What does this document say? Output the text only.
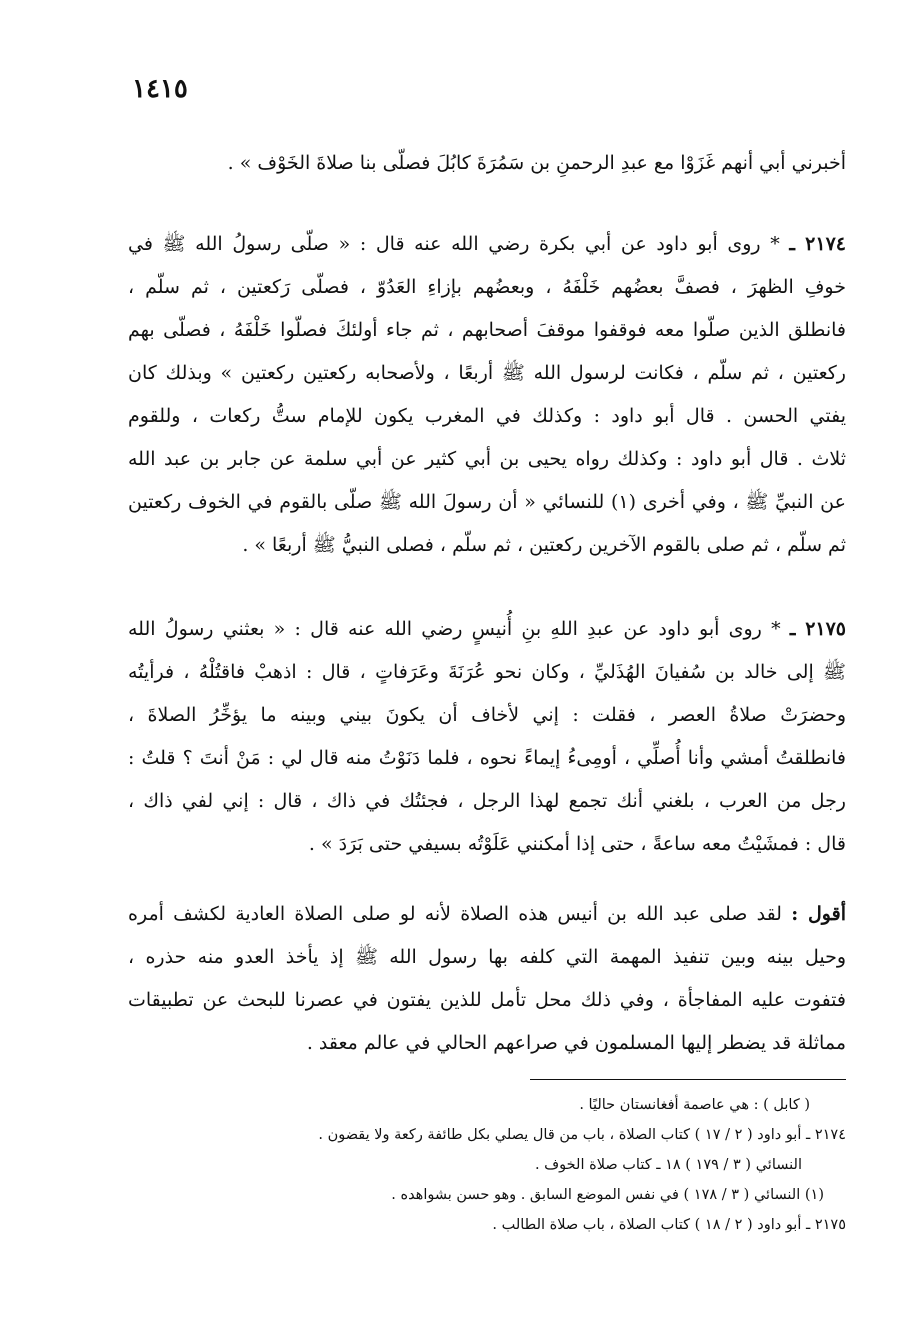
١٤١٥
أخبرني أبي أنهم غَزَوْا مع عبدِ الرحمنِ بن سَمُرَةَ كابُلَ فصلّى بنا صلاةَ الخَوْف » .
٢١٧٤ ـ * روى أبو داود عن أبي بكرة رضي الله عنه قال : « صلّى رسولُ الله ﷺ في
خوفِ الظهرَ ، فصفَّ بعضُهم خَلْفَهُ ، وبعضُهم بإزاءِ العَدُوّ ، فصلّى رَكعتين ، ثم سلّم ،
فانطلق الذين صلّوا معه فوقفوا موقفَ أصحابهم ، ثم جاء أولئكَ فصلّوا خَلْفَهُ ، فصلّى بهم
ركعتين ، ثم سلّم ، فكانت لرسول الله ﷺ أربعًا ، ولأصحابه ركعتين ركعتين » وبذلك كان
يفتي الحسن . قال أبو داود : وكذلك في المغرب يكون للإمام ستُّ ركعات ، وللقوم
ثلاث . قال أبو داود : وكذلك رواه يحيى بن أبي كثير عن أبي سلمة عن جابر بن عبد الله
عن النبيِّ ﷺ ، وفي أخرى (١) للنسائي « أن رسولَ الله ﷺ صلّى بالقوم في الخوف ركعتين
ثم سلّم ، ثم صلى بالقوم الآخرين ركعتين ، ثم سلّم ، فصلى النبيُّ ﷺ أربعًا » .
٢١٧٥ ـ * روى أبو داود عن عبدِ اللهِ بنِ أُنيسٍ رضي الله عنه قال : « بعثني رسولُ الله
ﷺ إلى خالد بن سُفيانَ الهُذَليِّ ، وكان نحو عُرَنَةَ وعَرَفاتٍ ، قال : اذهبْ فاقتُلْهُ ، فرأيتُه
وحضرَتْ صلاةُ العصر ، فقلت : إني لأخاف أن يكونَ بيني وبينه ما يؤخِّرُ الصلاةَ ،
فانطلقتُ أمشي وأنا أُصلِّي ، أومِىءُ إيماءً نحوه ، فلما دَنَوْتُ منه قال لي : مَنْ أنتَ ؟ قلتُ :
رجل من العرب ، بلغني أنك تجمع لهذا الرجل ، فجئتُك في ذاك ، قال : إني لفي ذاك ،
قال : فمشَيْتُ معه ساعةً ، حتى إذا أمكنني عَلَوْتُه بسيفي حتى بَرَدَ » .
أقول : لقد صلى عبد الله بن أنيس هذه الصلاة لأنه لو صلى الصلاة العادية لكشف أمره
وحيل بينه وبين تنفيذ المهمة التي كلفه بها رسول الله ﷺ إذ يأخذ العدو منه حذره ،
فتفوت عليه المفاجأة ، وفي ذلك محل تأمل للذين يفتون في عصرنا للبحث عن تطبيقات
مماثلة قد يضطر إليها المسلمون في صراعهم الحالي في عالم معقد .
( كابل ) : هي عاصمة أفغانستان حاليًا .
٢١٧٤ ـ أبو داود ( ٢ / ١٧ ) كتاب الصلاة ، باب من قال يصلي بكل طائفة ركعة ولا يقضون .
النسائي ( ٣ / ١٧٩ ) ١٨ ـ كتاب صلاة الخوف .
(١) النسائي ( ٣ / ١٧٨ ) في نفس الموضع السابق . وهو حسن بشواهده .
٢١٧٥ ـ أبو داود ( ٢ / ١٨ ) كتاب الصلاة ، باب صلاة الطالب .
